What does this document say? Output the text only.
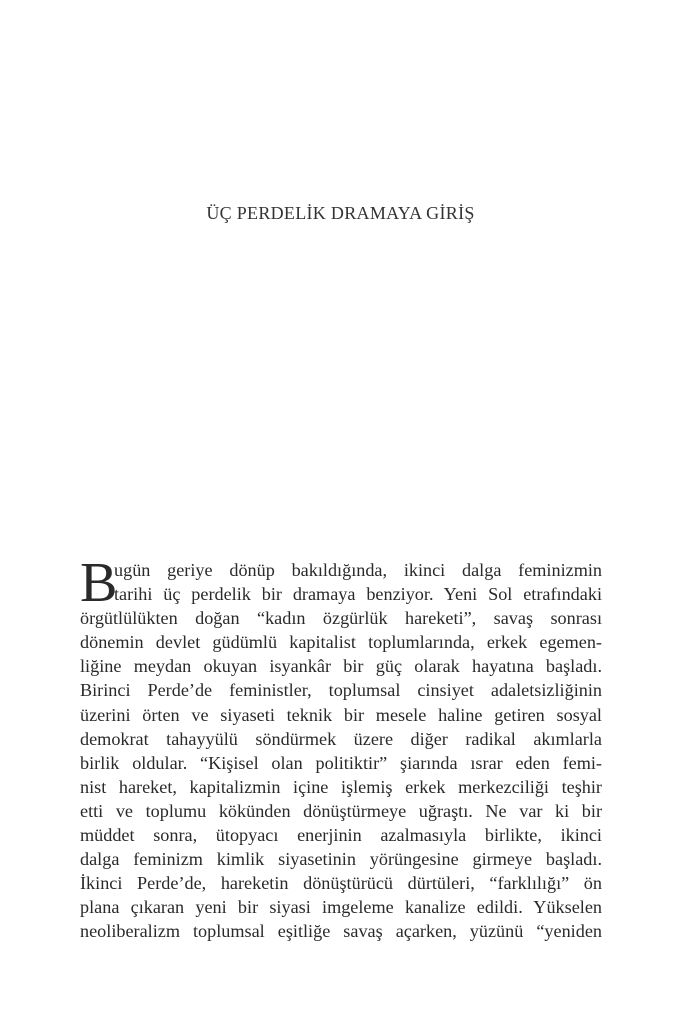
ÜÇ PERDELİK DRAMAYA GİRİŞ
B
ugün geriye dönüp bakıldığında, ikinci dalga feminizmin
tarihi üç perdelik bir dramaya benziyor. Yeni Sol etrafındaki
örgütlülükten doğan “kadın özgürlük hareketi”, savaş sonrası
dönemin devlet güdümlü kapitalist toplumlarında, erkek egemen-
liğine meydan okuyan isyankâr bir güç olarak hayatına başladı.
Birinci Perde’de feministler, toplumsal cinsiyet adaletsizliğinin
üzerini örten ve siyaseti teknik bir mesele haline getiren sosyal
demokrat tahayyülü söndürmek üzere diğer radikal akımlarla
birlik oldular. “Kişisel olan politiktir” şiarında ısrar eden femi-
nist hareket, kapitalizmin içine işlemiş erkek merkezciliği teşhir
etti ve toplumu kökünden dönüştürmeye uğraştı. Ne var ki bir
müddet sonra, ütopyacı enerjinin azalmasıyla birlikte, ikinci
dalga feminizm kimlik siyasetinin yörüngesine girmeye başladı.
İkinci Perde’de, hareketin dönüştürücü dürtüleri, “farklılığı” ön
plana çıkaran yeni bir siyasi imgeleme kanalize edildi. Yükselen
neoliberalizm toplumsal eşitliğe savaş açarken, yüzünü “yeniden
